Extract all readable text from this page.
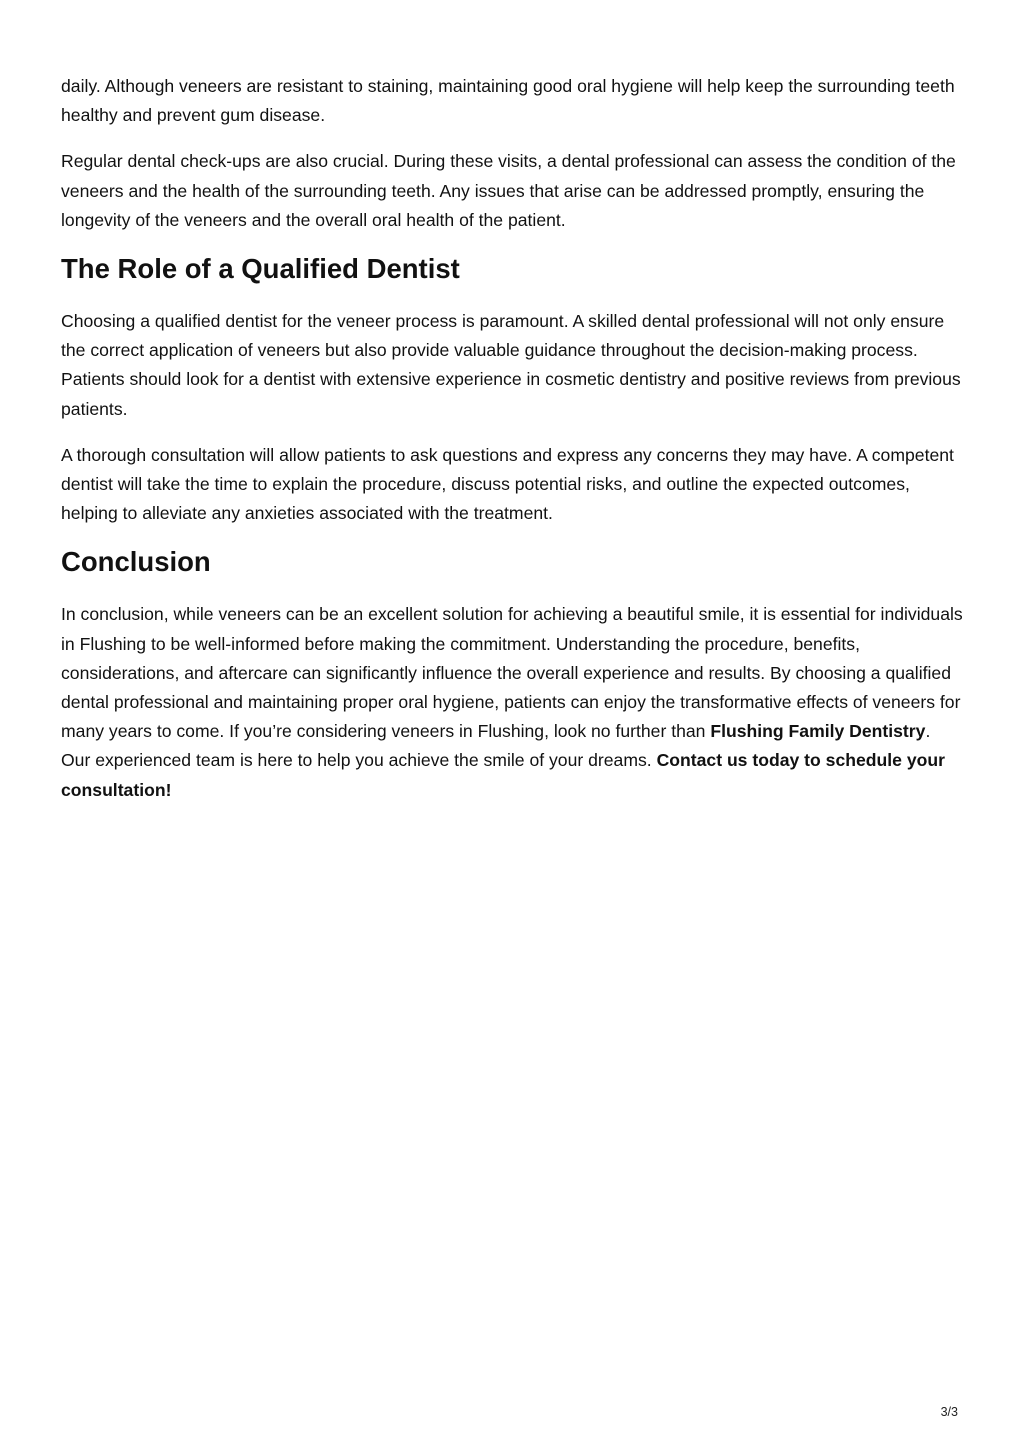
daily. Although veneers are resistant to staining, maintaining good oral hygiene will help keep the surrounding teeth healthy and prevent gum disease.

Regular dental check-ups are also crucial. During these visits, a dental professional can assess the condition of the veneers and the health of the surrounding teeth. Any issues that arise can be addressed promptly, ensuring the longevity of the veneers and the overall oral health of the patient.

The Role of a Qualified Dentist

Choosing a qualified dentist for the veneer process is paramount. A skilled dental professional will not only ensure the correct application of veneers but also provide valuable guidance throughout the decision-making process. Patients should look for a dentist with extensive experience in cosmetic dentistry and positive reviews from previous patients.

A thorough consultation will allow patients to ask questions and express any concerns they may have. A competent dentist will take the time to explain the procedure, discuss potential risks, and outline the expected outcomes, helping to alleviate any anxieties associated with the treatment.

Conclusion

In conclusion, while veneers can be an excellent solution for achieving a beautiful smile, it is essential for individuals in Flushing to be well-informed before making the commitment. Understanding the procedure, benefits, considerations, and aftercare can significantly influence the overall experience and results. By choosing a qualified dental professional and maintaining proper oral hygiene, patients can enjoy the transformative effects of veneers for many years to come. If you’re considering veneers in Flushing, look no further than Flushing Family Dentistry. Our experienced team is here to help you achieve the smile of your dreams. Contact us today to schedule your consultation!

3/3
